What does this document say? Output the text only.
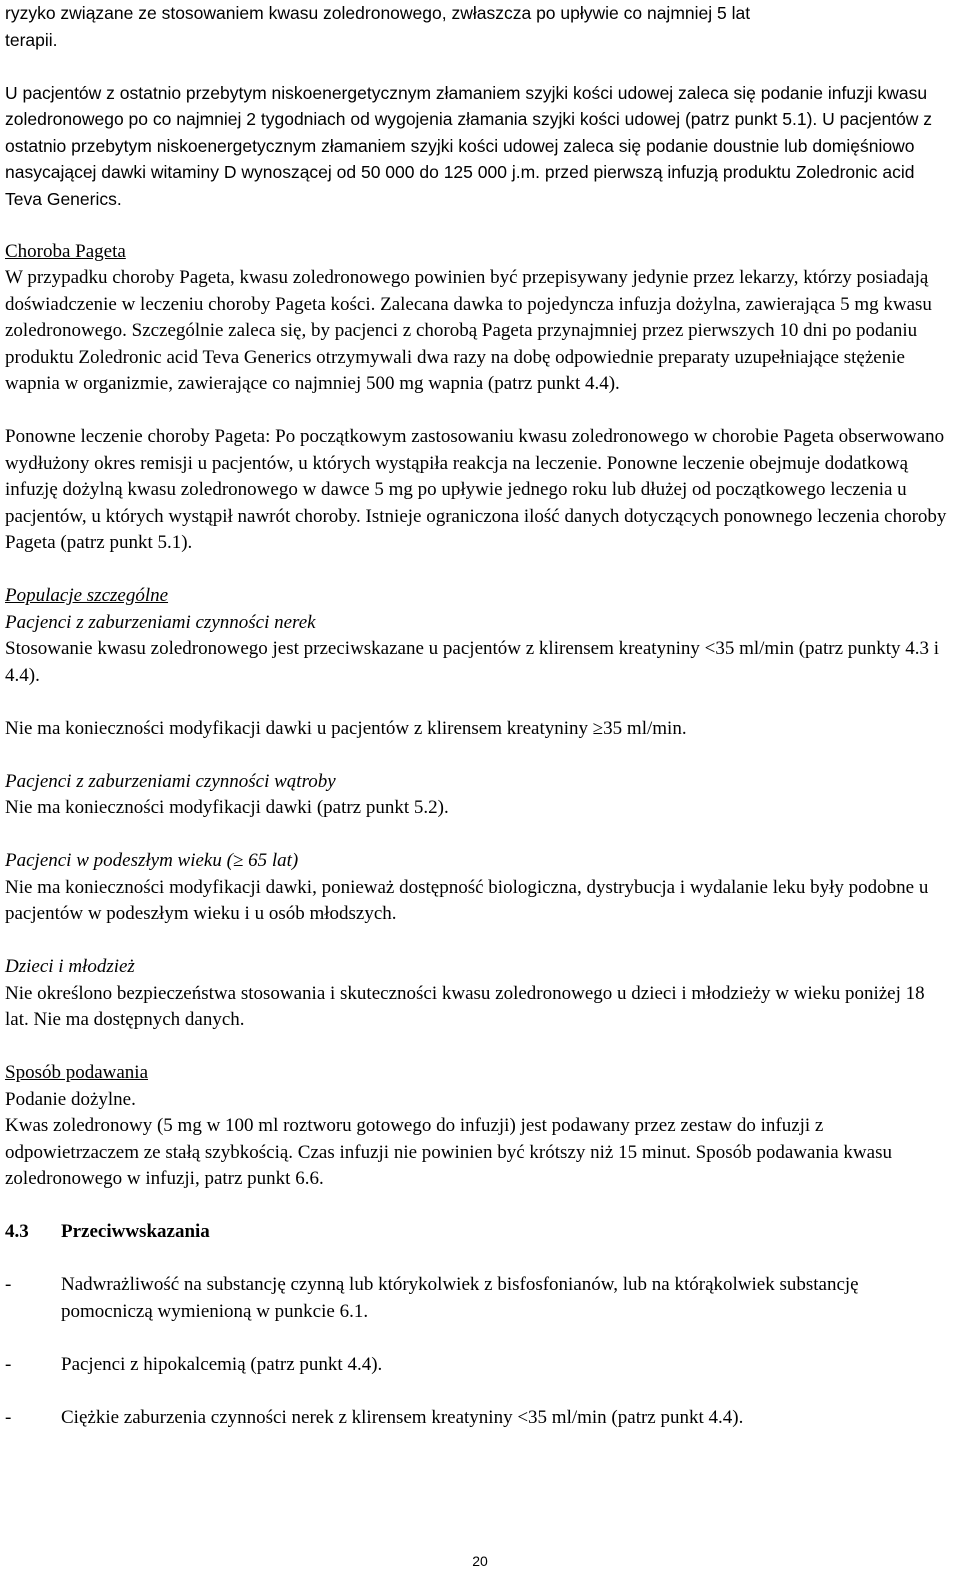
ryzyko związane ze stosowaniem kwasu zoledronowego, zwłaszcza po upływie co najmniej 5 lat

terapii.

U pacjentów z ostatnio przebytym niskoenergetycznym złamaniem szyjki kości udowej zaleca się podanie infuzji kwasu zoledronowego po co najmniej 2 tygodniach od wygojenia złamania szyjki kości udowej (patrz punkt 5.1). U pacjentów z ostatnio przebytym niskoenergetycznym złamaniem szyjki kości udowej zaleca się podanie doustnie lub domięśniowo nasycającej dawki witaminy D wynoszącej od 50 000 do 125 000 j.m. przed pierwszą infuzją produktu Zoledronic acid Teva Generics.

Choroba Pageta

W przypadku choroby Pageta, kwasu zoledronowego powinien być przepisywany jedynie przez lekarzy, którzy posiadają doświadczenie w leczeniu choroby Pageta kości. Zalecana dawka to pojedyncza infuzja dożylna, zawierająca 5 mg kwasu zoledronowego. Szczególnie zaleca się, by pacjenci z chorobą Pageta przynajmniej przez pierwszych 10 dni po podaniu produktu Zoledronic acid Teva Generics otrzymywali dwa razy na dobę odpowiednie preparaty uzupełniające stężenie wapnia w organizmie, zawierające co najmniej 500 mg wapnia (patrz punkt 4.4).

Ponowne leczenie choroby Pageta: Po początkowym zastosowaniu kwasu zoledronowego w chorobie Pageta obserwowano wydłużony okres remisji u pacjentów, u których wystąpiła reakcja na leczenie. Ponowne leczenie obejmuje dodatkową infuzję dożylną kwasu zoledronowego w dawce 5 mg po upływie jednego roku lub dłużej od początkowego leczenia u pacjentów, u których wystąpił nawrót choroby. Istnieje ograniczona ilość danych dotyczących ponownego leczenia choroby Pageta (patrz punkt 5.1).

Populacje szczególne

Pacjenci z zaburzeniami czynności nerek

Stosowanie kwasu zoledronowego jest przeciwskazane u pacjentów z klirensem kreatyniny <35 ml/min (patrz punkty 4.3 i 4.4).

Nie ma konieczności modyfikacji dawki u pacjentów z klirensem kreatyniny ≥35 ml/min.

Pacjenci z zaburzeniami czynności wątroby

Nie ma konieczności modyfikacji dawki (patrz punkt 5.2).

Pacjenci w podeszłym wieku (≥ 65 lat)

Nie ma konieczności modyfikacji dawki, ponieważ dostępność biologiczna, dystrybucja i wydalanie leku były podobne u pacjentów w podeszłym wieku i u osób młodszych.

Dzieci i młodzież

Nie określono bezpieczeństwa stosowania i skuteczności kwasu zoledronowego u dzieci i młodzieży w wieku poniżej 18 lat. Nie ma dostępnych danych.

Sposób podawania

Podanie dożylne.

Kwas zoledronowy (5 mg w 100 ml roztworu gotowego do infuzji) jest podawany przez zestaw do infuzji z odpowietrzaczem ze stałą szybkością. Czas infuzji nie powinien być krótszy niż 15 minut. Sposób podawania kwasu zoledronowego w infuzji, patrz punkt 6.6.

4.3	Przeciwwskazania
-	Nadwrażliwość na substancję czynną lub którykolwiek z bisfosfonianów, lub na którąkolwiek substancję pomocniczą wymienioną w punkcie 6.1.
-	Pacjenci z hipokalcemią (patrz punkt 4.4).
-	Ciężkie zaburzenia czynności nerek z klirensem kreatyniny <35 ml/min (patrz punkt 4.4).
20
